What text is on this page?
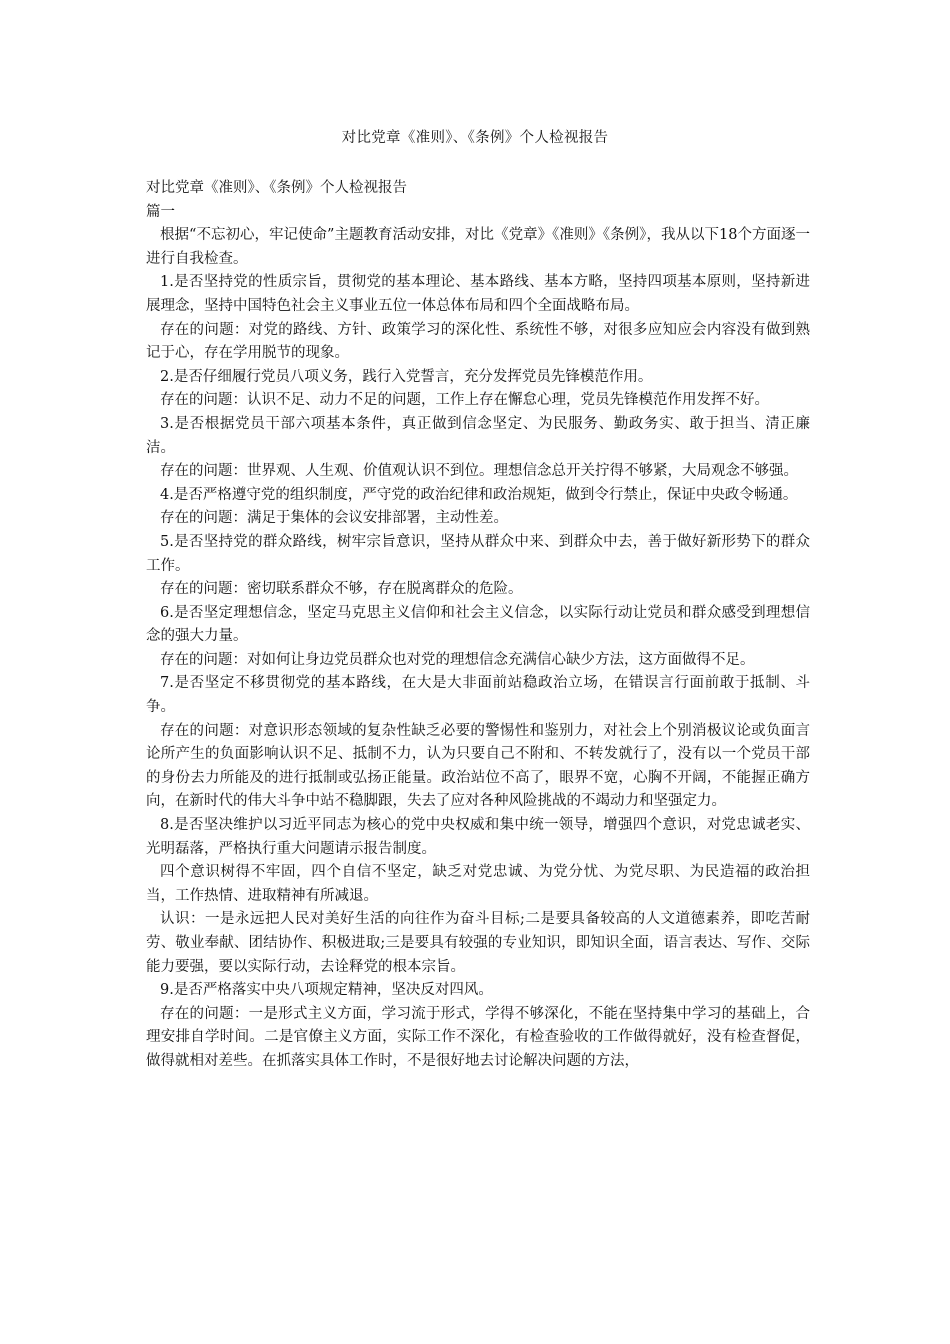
对比党章《准则》、《条例》个人检视报告

对比党章《准则》、《条例》个人检视报告

篇一

根据“不忘初心，牢记使命”主题教育活动安排，对比《党章》《准则》《条例》，我从以下18个方面逐一进行自我检查。

1.是否坚持党的性质宗旨，贯彻党的基本理论、基本路线、基本方略，坚持四项基本原则，坚持新进展理念，坚持中国特色社会主义事业五位一体总体布局和四个全面战略布局。

存在的问题：对党的路线、方针、政策学习的深化性、系统性不够，对很多应知应会内容没有做到熟记于心，存在学用脱节的现象。

2.是否仔细履行党员八项义务，践行入党誓言，充分发挥党员先锋模范作用。

存在的问题：认识不足、动力不足的问题，工作上存在懈怠心理，党员先锋模范作用发挥不好。

3.是否根据党员干部六项基本条件，真正做到信念坚定、为民服务、勤政务实、敢于担当、清正廉洁。

存在的问题：世界观、人生观、价值观认识不到位。理想信念总开关拧得不够紧，大局观念不够强。

4.是否严格遵守党的组织制度，严守党的政治纪律和政治规矩，做到令行禁止，保证中央政令畅通。

存在的问题：满足于集体的会议安排部署，主动性差。

5.是否坚持党的群众路线，树牢宗旨意识，坚持从群众中来、到群众中去，善于做好新形势下的群众工作。

存在的问题：密切联系群众不够，存在脱离群众的危险。

6.是否坚定理想信念，坚定马克思主义信仰和社会主义信念，以实际行动让党员和群众感受到理想信念的强大力量。

存在的问题：对如何让身边党员群众也对党的理想信念充满信心缺少方法，这方面做得不足。

7.是否坚定不移贯彻党的基本路线，在大是大非面前站稳政治立场，在错误言行面前敢于抵制、斗争。

存在的问题：对意识形态领域的复杂性缺乏必要的警惕性和鉴别力，对社会上个别消极议论或负面言论所产生的负面影响认识不足、抵制不力，认为只要自己不附和、不转发就行了，没有以一个党员干部的身份去力所能及的进行抵制或弘扬正能量。政治站位不高了，眼界不宽，心胸不开阔，不能握正确方向，在新时代的伟大斗争中站不稳脚跟，失去了应对各种风险挑战的不竭动力和坚强定力。

8.是否坚决维护以习近平同志为核心的党中央权威和集中统一领导，增强四个意识，对党忠诚老实、光明磊落，严格执行重大问题请示报告制度。

四个意识树得不牢固，四个自信不坚定，缺乏对党忠诚、为党分忧、为党尽职、为民造福的政治担当，工作热情、进取精神有所减退。

认识：一是永远把人民对美好生活的向往作为奋斗目标;二是要具备较高的人文道德素养，即吃苦耐劳、敬业奉献、团结协作、积极进取;三是要具有较强的专业知识，即知识全面，语言表达、写作、交际能力要强，要以实际行动，去诠释党的根本宗旨。

9.是否严格落实中央八项规定精神，坚决反对四风。

存在的问题：一是形式主义方面，学习流于形式，学得不够深化，不能在坚持集中学习的基础上，合理安排自学时间。二是官僚主义方面，实际工作不深化，有检查验收的工作做得就好，没有检查督促，做得就相对差些。在抓落实具体工作时，不是很好地去讨论解决问题的方法，
